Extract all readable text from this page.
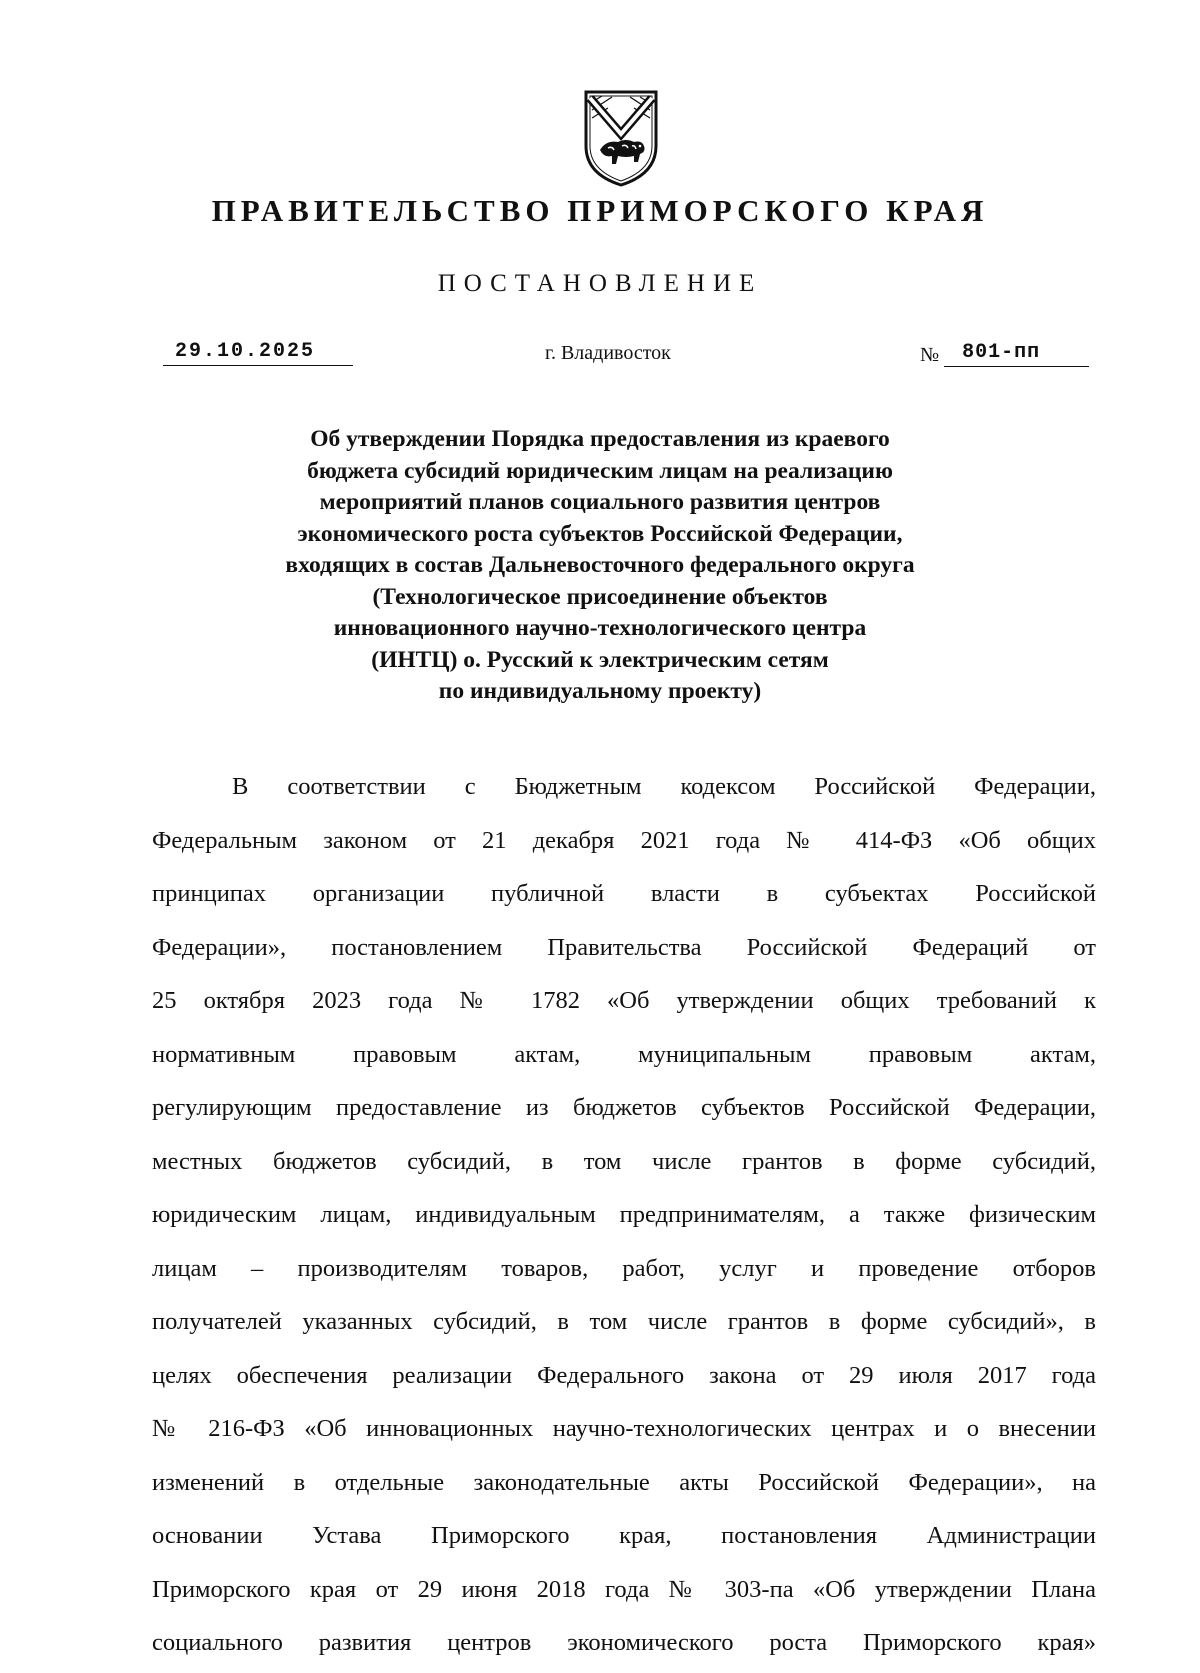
ПРАВИТЕЛЬСТВО ПРИМОРСКОГО КРАЯ
ПОСТАНОВЛЕНИЕ
29.10.2025	г. Владивосток	№ 801-пп
Об утверждении Порядка предоставления из краевого
бюджета субсидий юридическим лицам на реализацию
мероприятий планов социального развития центров
экономического роста субъектов Российской Федерации,
входящих в состав Дальневосточного федерального округа
(Технологическое присоединение объектов
инновационного научно-технологического центра
(ИНТЦ) о. Русский к электрическим сетям
по индивидуальному проекту)
В соответствии с Бюджетным кодексом Российской Федерации,
Федеральным законом от 21 декабря 2021 года № 414-ФЗ «Об общих
принципах организации публичной власти в субъектах Российской
Федерации», постановлением Правительства Российской Федераций от
25 октября 2023 года № 1782 «Об утверждении общих требований к
нормативным правовым актам, муниципальным правовым актам,
регулирующим предоставление из бюджетов субъектов Российской Федерации,
местных бюджетов субсидий, в том числе грантов в форме субсидий,
юридическим лицам, индивидуальным предпринимателям, а также физическим
лицам – производителям товаров, работ, услуг и проведение отборов
получателей указанных субсидий, в том числе грантов в форме субсидий», в
целях обеспечения реализации Федерального закона от 29 июля 2017 года
№ 216-ФЗ «Об инновационных научно-технологических центрах и о внесении
изменений в отдельные законодательные акты Российской Федерации», на
основании Устава Приморского края, постановления Администрации
Приморского края от 29 июня 2018 года № 303-па «Об утверждении Плана
социального развития центров экономического роста Приморского края»
